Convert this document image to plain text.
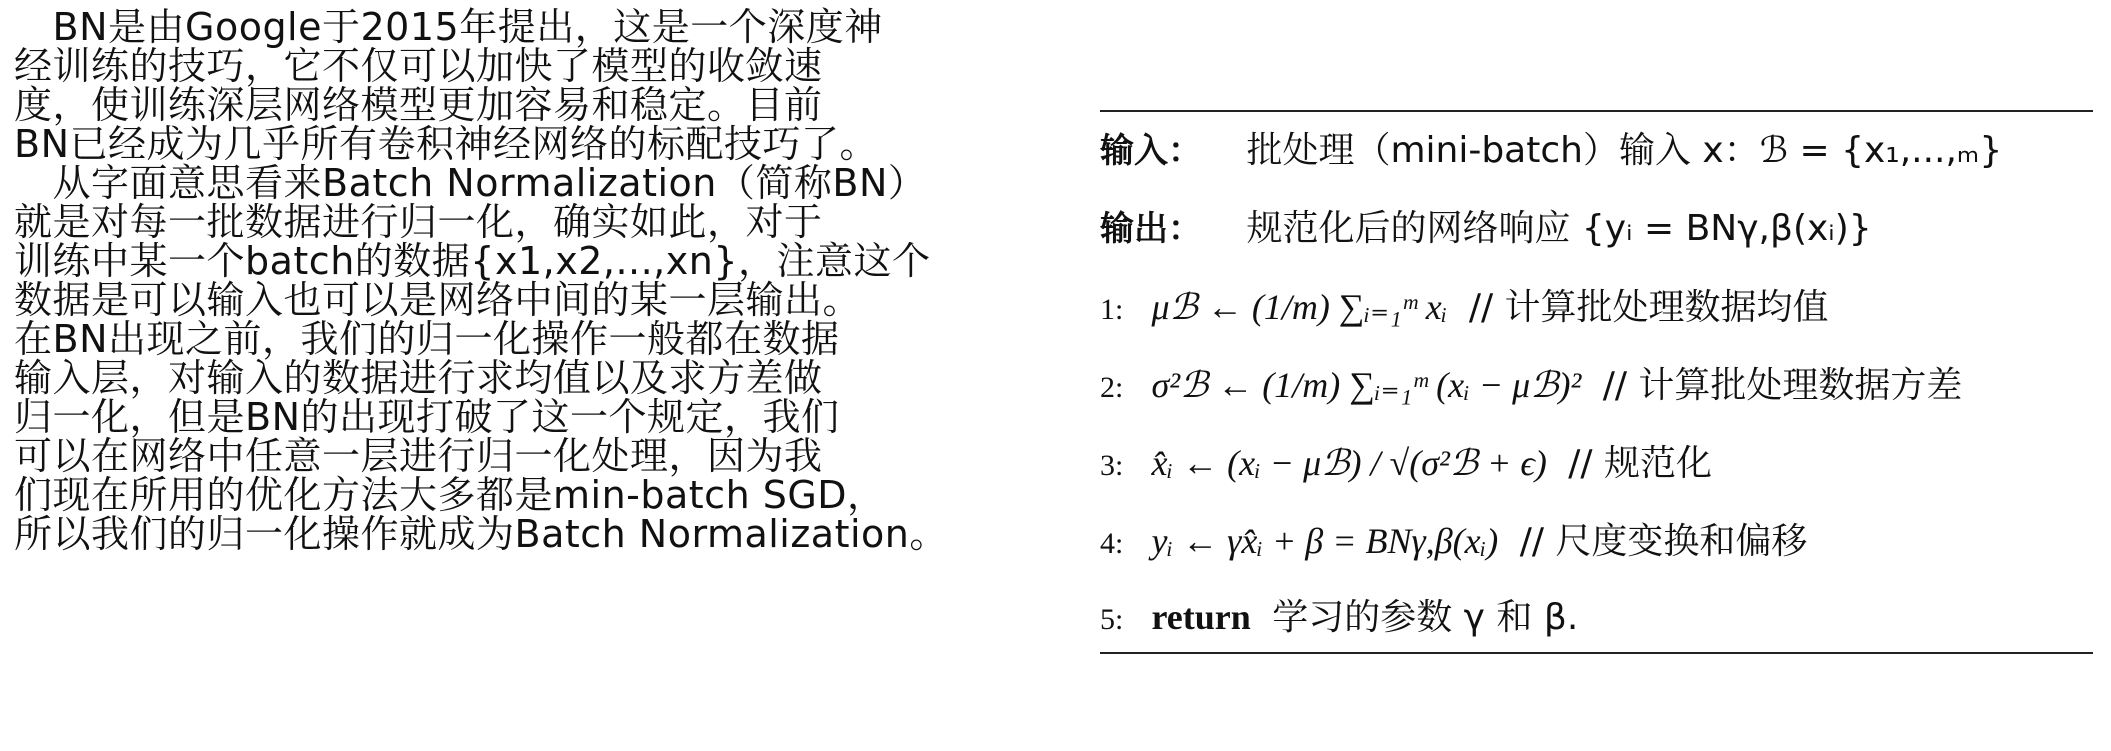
　BN是由Google于2015年提出，这是一个深度神
经训练的技巧，它不仅可以加快了模型的收敛速
度，使训练深层网络模型更加容易和稳定。目前
BN已经成为几乎所有卷积神经网络的标配技巧了。
　从字面意思看来Batch Normalization（简称BN）
就是对每一批数据进行归一化，确实如此，对于
训练中某一个batch的数据{x1,x2,...,xn}，注意这个
数据是可以输入也可以是网络中间的某一层输出。
在BN出现之前，我们的归一化操作一般都在数据
输入层，对输入的数据进行求均值以及求方差做
归一化，但是BN的出现打破了这一个规定，我们
可以在网络中任意一层进行归一化处理，因为我
们现在所用的优化方法大多都是min-batch SGD，
所以我们的归一化操作就成为Batch Normalization。
输入： 批处理（mini-batch）输入 x：ℬ = {x₁,...,ₘ}
输出： 规范化后的网络响应 {yᵢ = BNγ,β(xᵢ)}
1: μℬ ← (1/m) ∑ᵢ₌₁ᵐ xᵢ // 计算批处理数据均值
2: σ²ℬ ← (1/m) ∑ᵢ₌₁ᵐ (xᵢ − μℬ)² // 计算批处理数据方差
3: x̂ᵢ ← (xᵢ − μℬ) / √(σ²ℬ + ϵ) // 规范化
4: yᵢ ← γx̂ᵢ + β = BNγ,β(xᵢ) // 尺度变换和偏移
5: return 学习的参数 γ 和 β.
